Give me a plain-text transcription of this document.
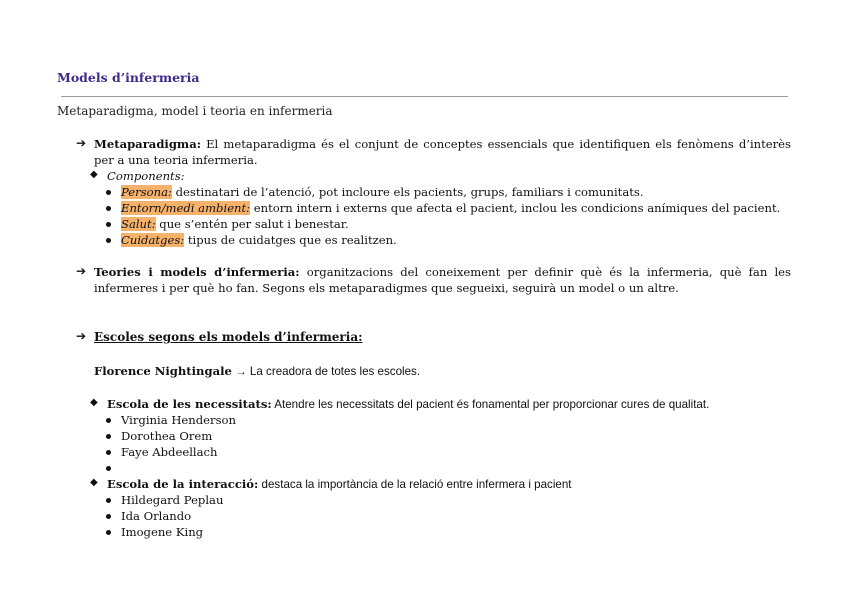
Models d’infermeria
Metaparadigma, model i teoria en infermeria
➔ Metaparadigma: El metaparadigma és el conjunt de conceptes essencials que identifiquen els fenòmens d’interès per a una teoria infermeria.
◆ Components:
Persona: destinatari de l’atenció, pot incloure els pacients, grups, familiars i comunitats.
Entorn/medi ambient: entorn intern i externs que afecta el pacient, inclou les condicions anímiques del pacient.
Salut: que s’entén per salut i benestar.
Cuidatges: tipus de cuidatges que es realitzen.
➔ Teories i models d’infermeria: organitzacions del coneixement per definir què és la infermeria, què fan les infermeres i per què ho fan. Segons els metaparadigmes que segueixi, seguirà un model o un altre.
➔ Escoles segons els models d’infermeria:
Florence Nightingale → La creadora de totes les escoles.
◆ Escola de les necessitats: Atendre les necessitats del pacient és fonamental per proporcionar cures de qualitat.
Virginia Henderson
Dorothea Orem
Faye Abdeellach
◆ Escola de la interacció: destaca la importància de la relació entre infermera i pacient
Hildegard Peplau
Ida Orlando
Imogene King
